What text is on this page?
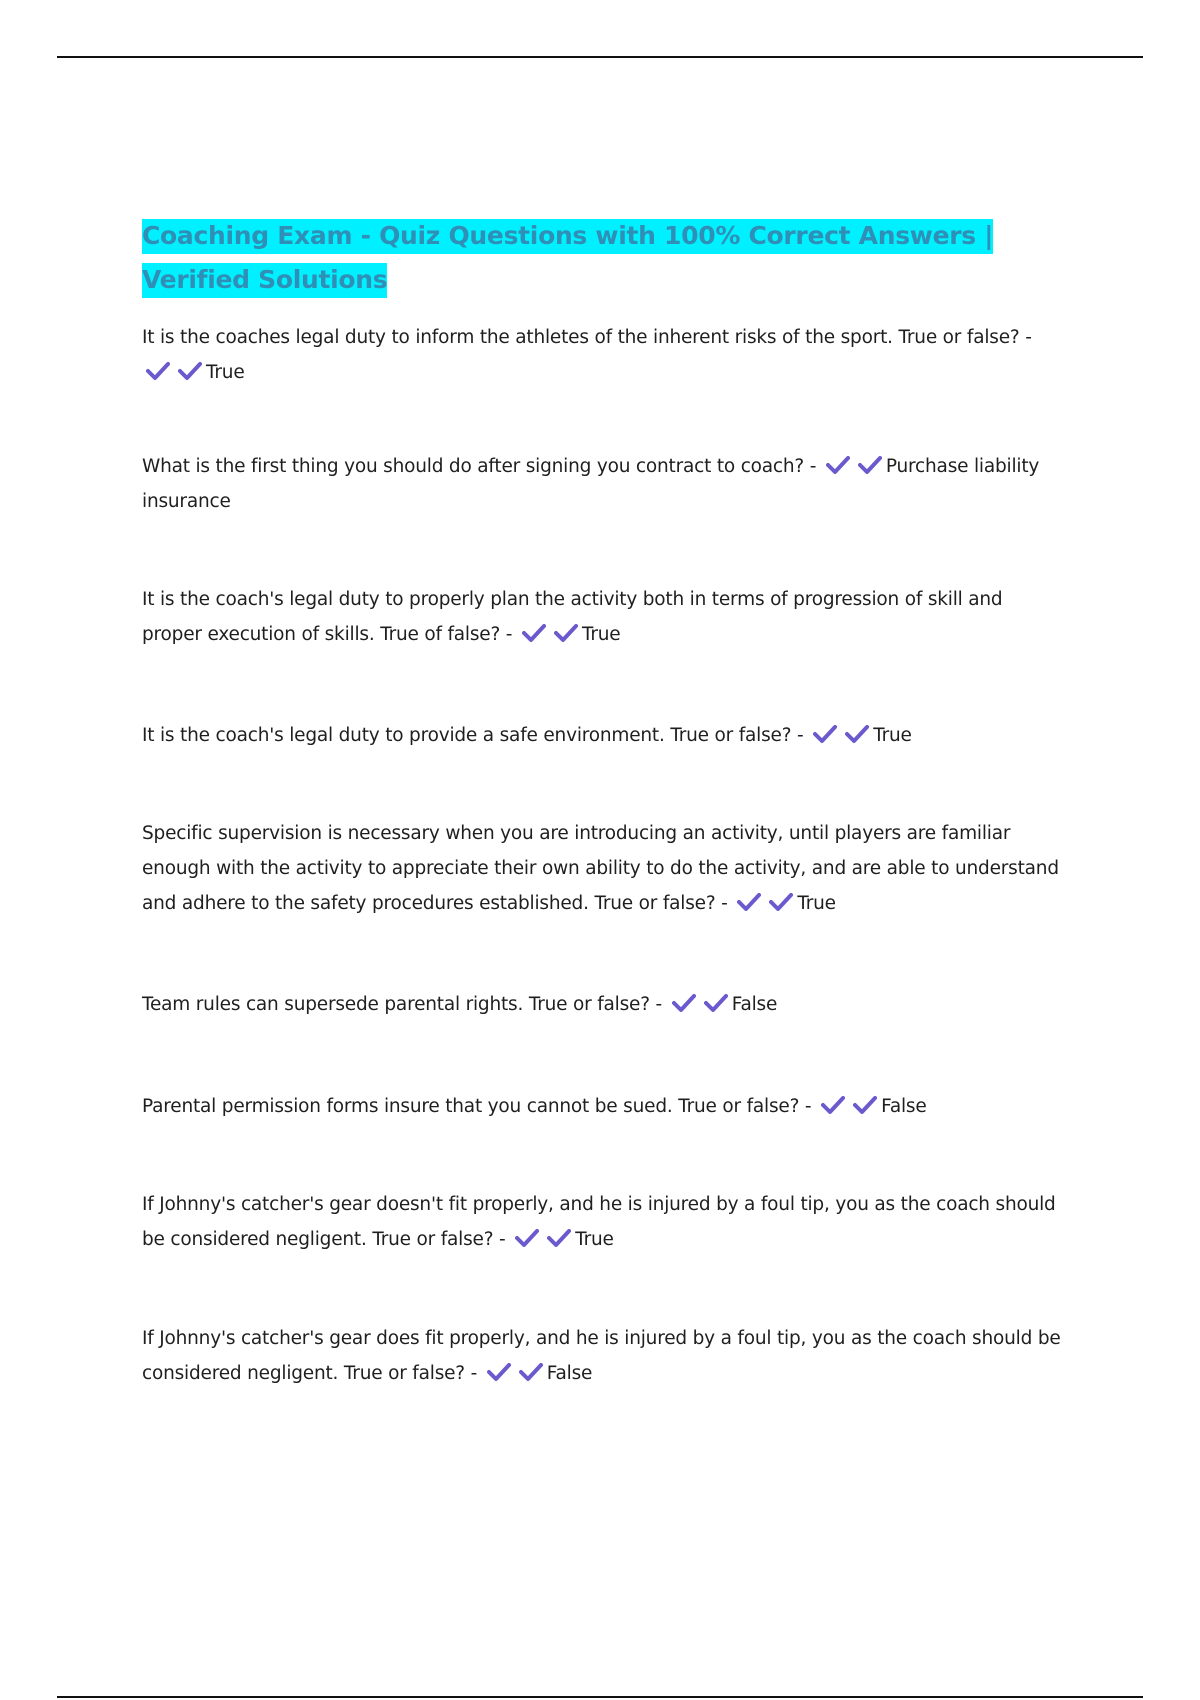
Coaching Exam - Quiz Questions with 100% Correct Answers | Verified Solutions

It is the coaches legal duty to inform the athletes of the inherent risks of the sport. True or false? -
True

What is the first thing you should do after signing you contract to coach? -	Purchase liability insurance

It is the coach's legal duty to properly plan the activity both in terms of progression of skill and proper execution of skills. True of false? -	True

It is the coach's legal duty to provide a safe environment. True or false? -	True

Specific supervision is necessary when you are introducing an activity, until players are familiar enough with the activity to appreciate their own ability to do the activity, and are able to understand and adhere to the safety procedures established. True or false? -	True

Team rules can supersede parental rights. True or false? -	False

Parental permission forms insure that you cannot be sued. True or false? -	False

If Johnny's catcher's gear doesn't fit properly, and he is injured by a foul tip, you as the coach should be considered negligent. True or false? -	True

If Johnny's catcher's gear does fit properly, and he is injured by a foul tip, you as the coach should be considered negligent. True or false? -	False
